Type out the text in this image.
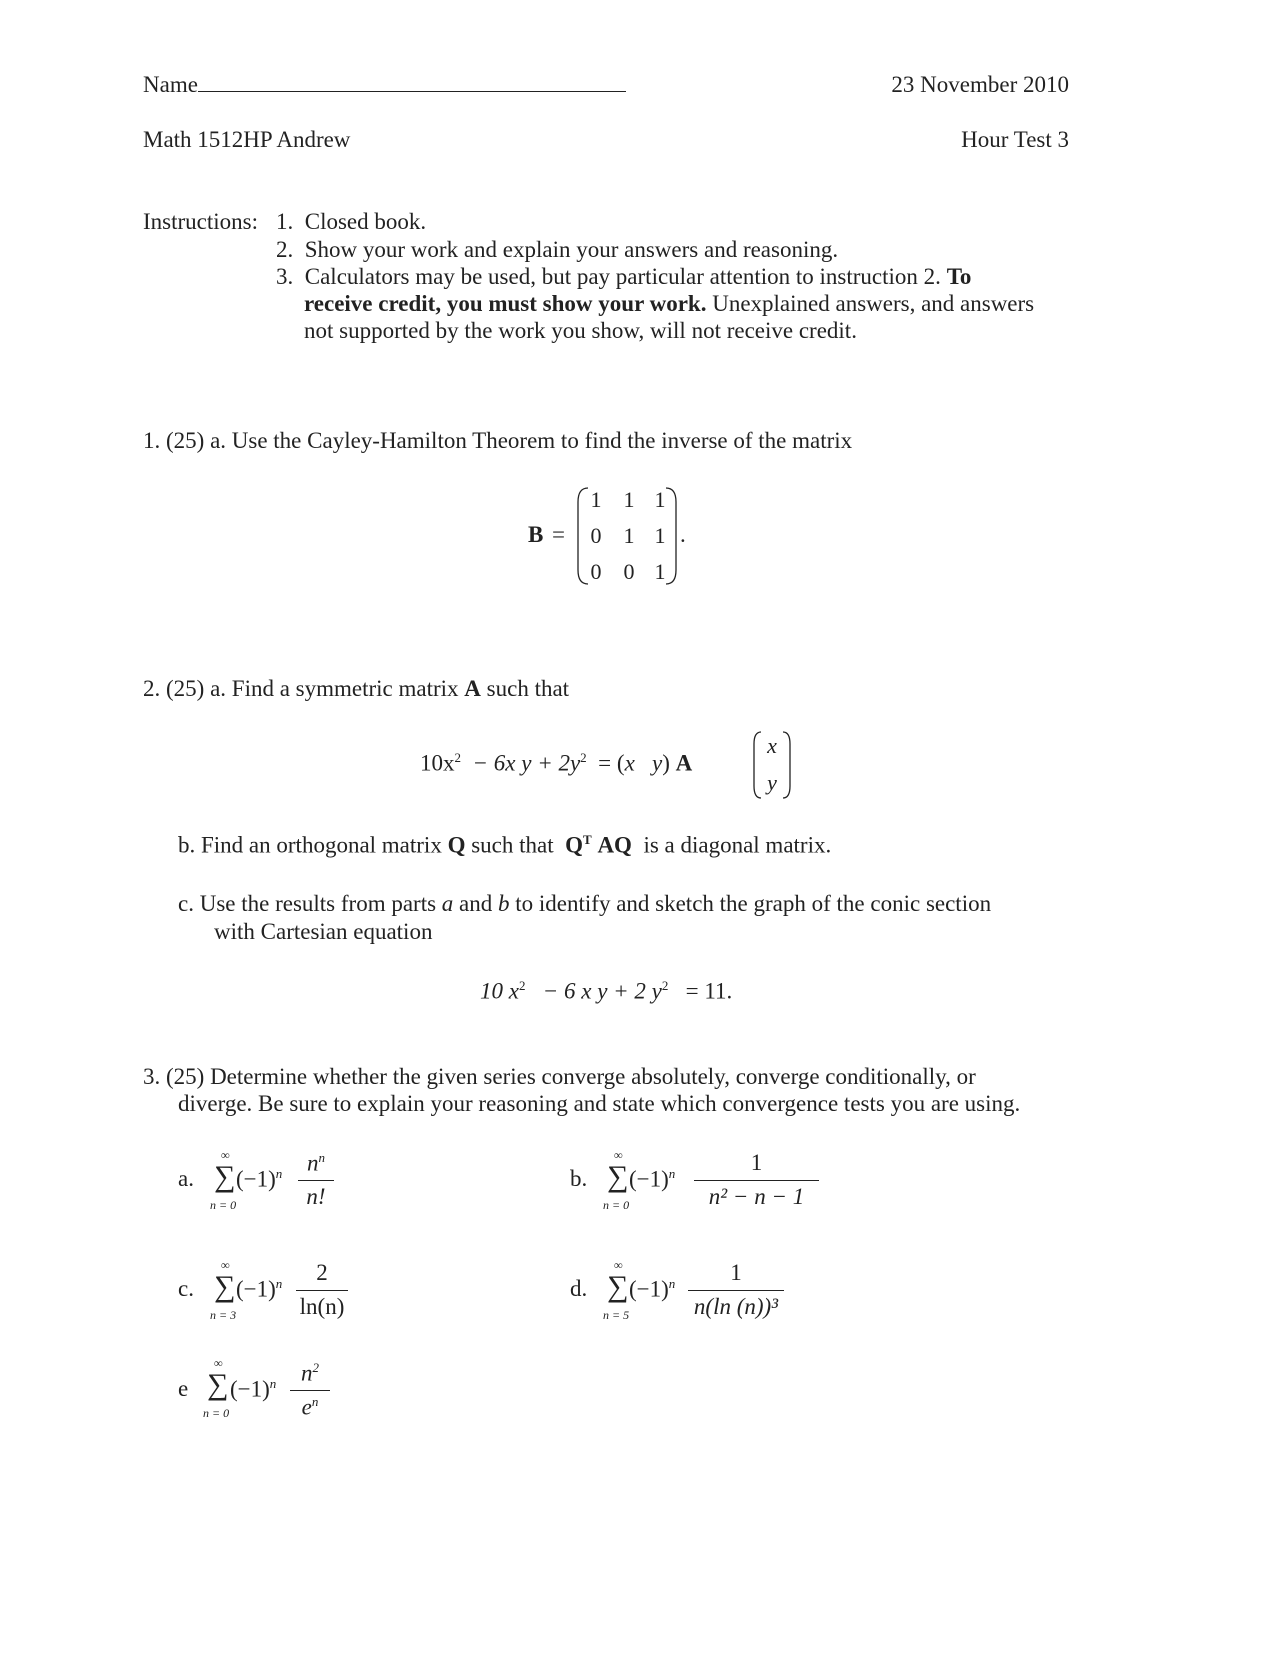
Name	23 November 2010
Math 1512HP Andrew	Hour Test 3
Instructions: 1. Closed book.
2. Show your work and explain your answers and reasoning.
3. Calculators may be used, but pay particular attention to instruction 2. To
receive credit, you must show your work. Unexplained answers, and answers
not supported by the work you show, will not receive credit.
1. (25) a. Use the Cayley-Hamilton Theorem to find the inverse of the matrix
B =
1	1 1
0	1 1
0	0 1
.
2. (25) a. Find a symmetric matrix A such that
$10x^2 - 6x$ $y + 2y^2 = (x$ y) A
x
y
b. Find an orthogonal matrix Q such that $Q^T$ AQ is a diagonal matrix.
c. Use the results from parts a and b to identify and sketch the graph of the conic section
with Cartesian equation
10 $x^2 - 6$ x y + 2 $y^2 = 11$.
3. (25) Determine whether the given series converge absolutely, converge conditionally, or
diverge. Be sure to explain your reasoning and state which convergence tests you are using.
a.
∞
∑
n = 0
$(-1)^n$	$n^n$
n!
b.
∞
∑
n = 0
$(-1)^n$	1
n² − n − 1
c.
∞
∑
n = 3
$(-1)^n$	2
ln(n)
d.
∞
∑
n = 5
$(-1)^n$	1
n(ln (n))³
e
∞
∑
n = 0
$(-1)^n$	$n^2$
$e^n$
